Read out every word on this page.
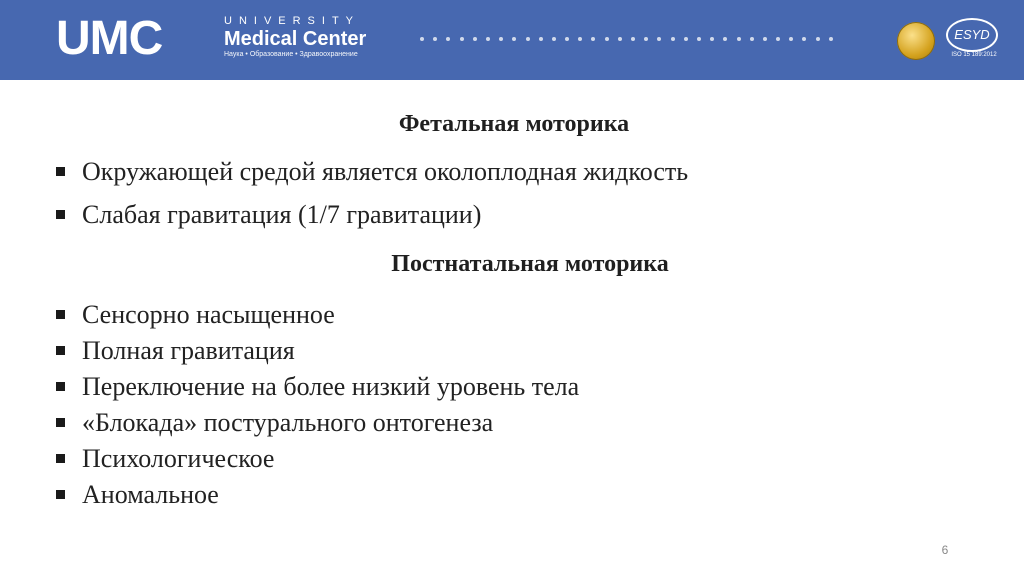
UMC	UNIVERSITY
Medical Center
Наука • Образование • Здравоохранение
ESYD
ISO 15 189:2012
Фетальная моторика
Окружающей средой является околоплодная жидкость
Слабая гравитация (1/7 гравитации)
Постнатальная моторика
Сенсорно насыщенное
Полная гравитация
Переключение на более низкий уровень тела
«Блокада» постурального онтогенеза
Психологическое
Аномальное
6
